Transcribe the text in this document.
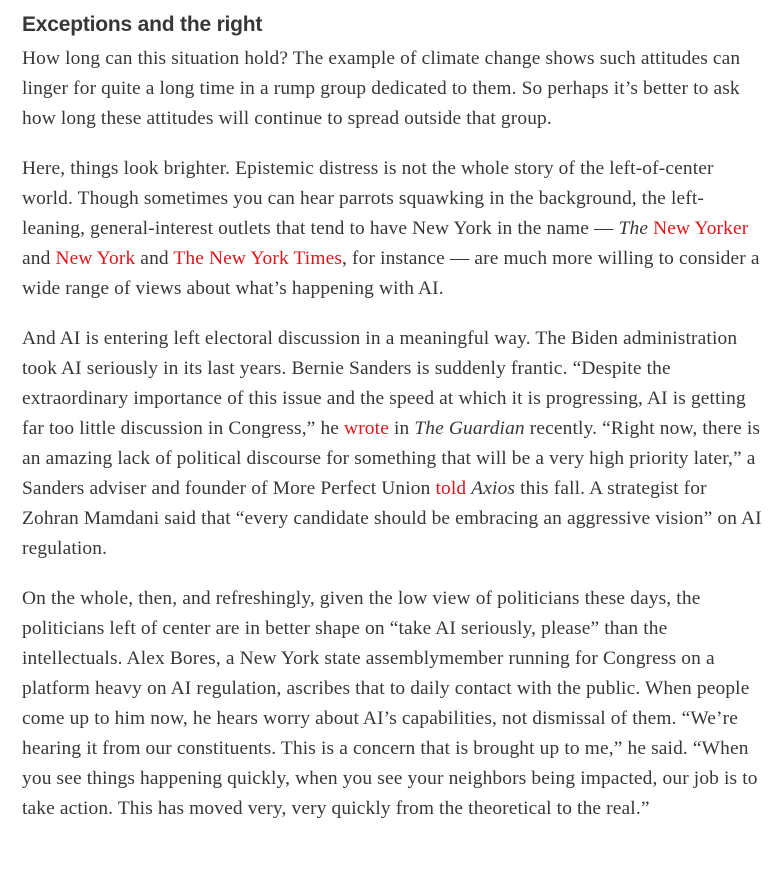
Exceptions and the right

How long can this situation hold? The example of climate change shows such attitudes can linger for quite a long time in a rump group dedicated to them. So perhaps it’s better to ask how long these attitudes will continue to spread outside that group.

Here, things look brighter. Epistemic distress is not the whole story of the left-of-center world. Though sometimes you can hear parrots squawking in the background, the left-leaning, general-interest outlets that tend to have New York in the name — The New Yorker and New York and The New York Times, for instance — are much more willing to consider a wide range of views about what’s happening with AI.

And AI is entering left electoral discussion in a meaningful way. The Biden administration took AI seriously in its last years. Bernie Sanders is suddenly frantic. “Despite the extraordinary importance of this issue and the speed at which it is progressing, AI is getting far too little discussion in Congress,” he wrote in The Guardian recently. “Right now, there is an amazing lack of political discourse for something that will be a very high priority later,” a Sanders adviser and founder of More Perfect Union told Axios this fall. A strategist for Zohran Mamdani said that “every candidate should be embracing an aggressive vision” on AI regulation.

On the whole, then, and refreshingly, given the low view of politicians these days, the politicians left of center are in better shape on “take AI seriously, please” than the intellectuals. Alex Bores, a New York state assemblymember running for Congress on a platform heavy on AI regulation, ascribes that to daily contact with the public. When people come up to him now, he hears worry about AI’s capabilities, not dismissal of them. “We’re hearing it from our constituents. This is a concern that is brought up to me,” he said. “When you see things happening quickly, when you see your neighbors being impacted, our job is to take action. This has moved very, very quickly from the theoretical to the real.”
